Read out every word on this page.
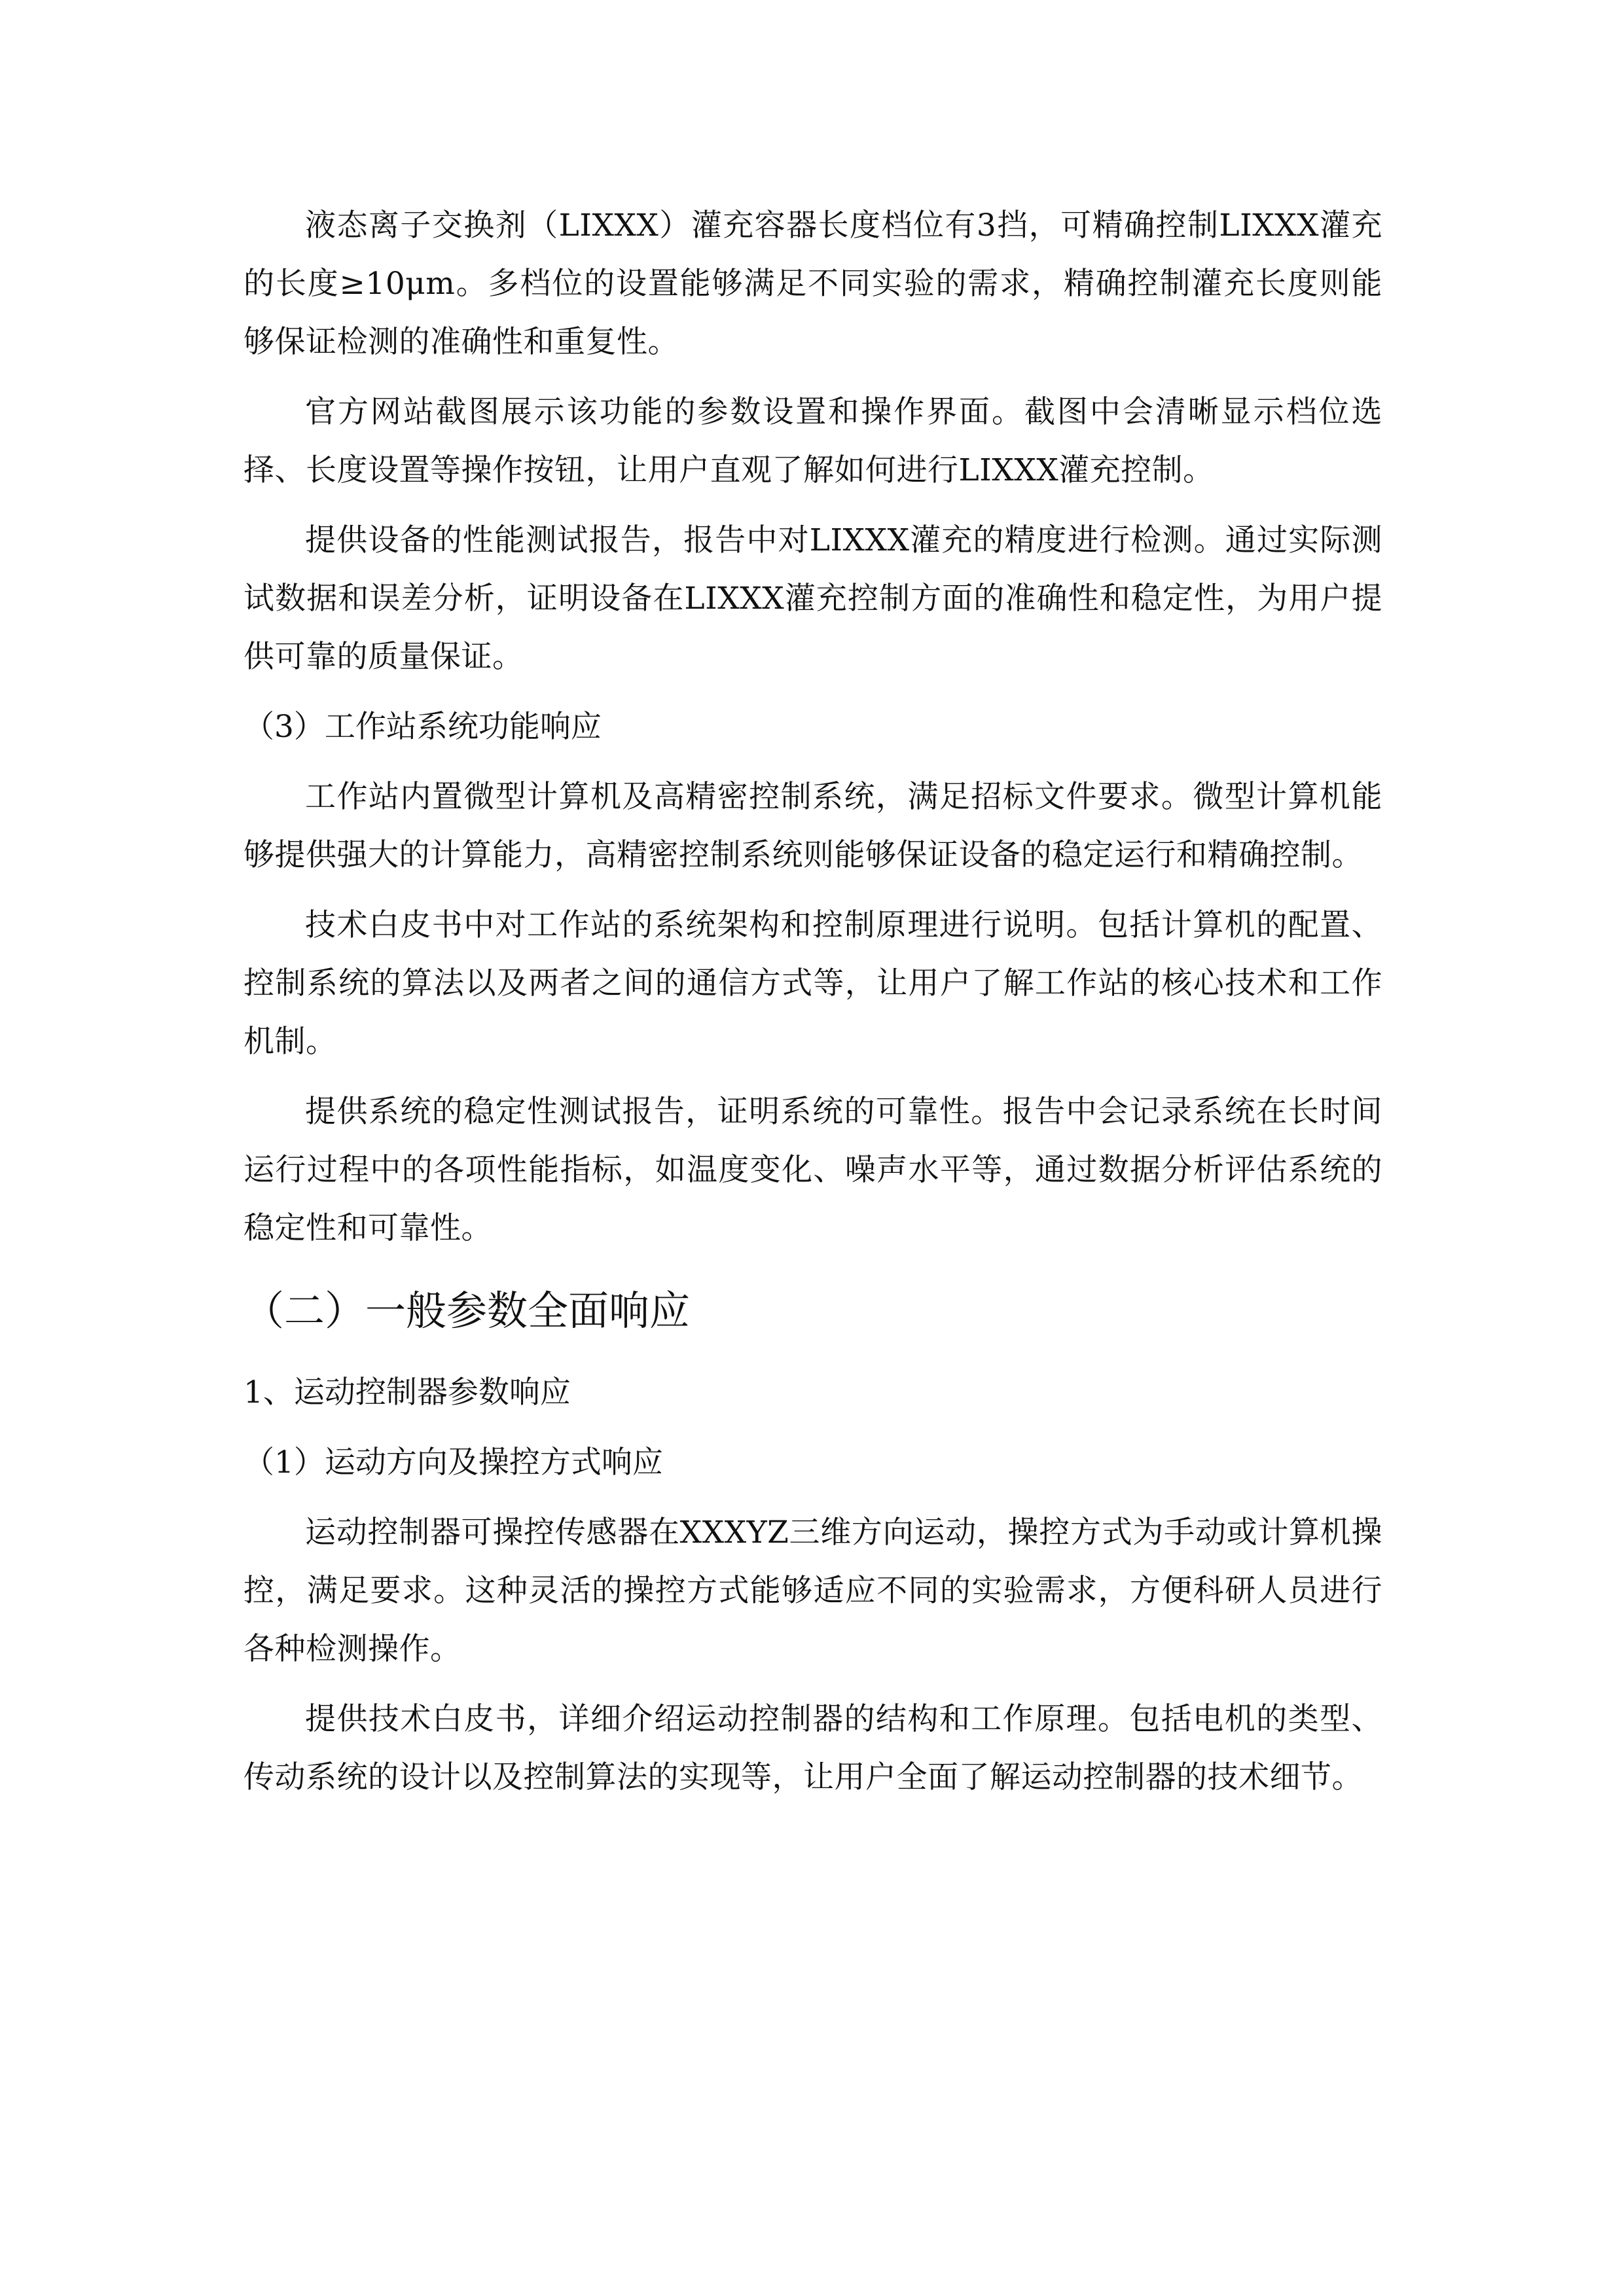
液态离子交换剂（LIXXX）灌充容器长度档位有3挡，可精确控制LIXXX灌充的长度≥10μm。多档位的设置能够满足不同实验的需求，精确控制灌充长度则能够保证检测的准确性和重复性。

官方网站截图展示该功能的参数设置和操作界面。截图中会清晰显示档位选择、长度设置等操作按钮，让用户直观了解如何进行LIXXX灌充控制。

提供设备的性能测试报告，报告中对LIXXX灌充的精度进行检测。通过实际测试数据和误差分析，证明设备在LIXXX灌充控制方面的准确性和稳定性，为用户提供可靠的质量保证。

（3）工作站系统功能响应

工作站内置微型计算机及高精密控制系统，满足招标文件要求。微型计算机能够提供强大的计算能力，高精密控制系统则能够保证设备的稳定运行和精确控制。

技术白皮书中对工作站的系统架构和控制原理进行说明。包括计算机的配置、控制系统的算法以及两者之间的通信方式等，让用户了解工作站的核心技术和工作机制。

提供系统的稳定性测试报告，证明系统的可靠性。报告中会记录系统在长时间运行过程中的各项性能指标，如温度变化、噪声水平等，通过数据分析评估系统的稳定性和可靠性。

（二）一般参数全面响应
1、运动控制器参数响应
（1）运动方向及操控方式响应

运动控制器可操控传感器在XXXYZ三维方向运动，操控方式为手动或计算机操控，满足要求。这种灵活的操控方式能够适应不同的实验需求，方便科研人员进行各种检测操作。

提供技术白皮书，详细介绍运动控制器的结构和工作原理。包括电机的类型、传动系统的设计以及控制算法的实现等，让用户全面了解运动控制器的技术细节。
